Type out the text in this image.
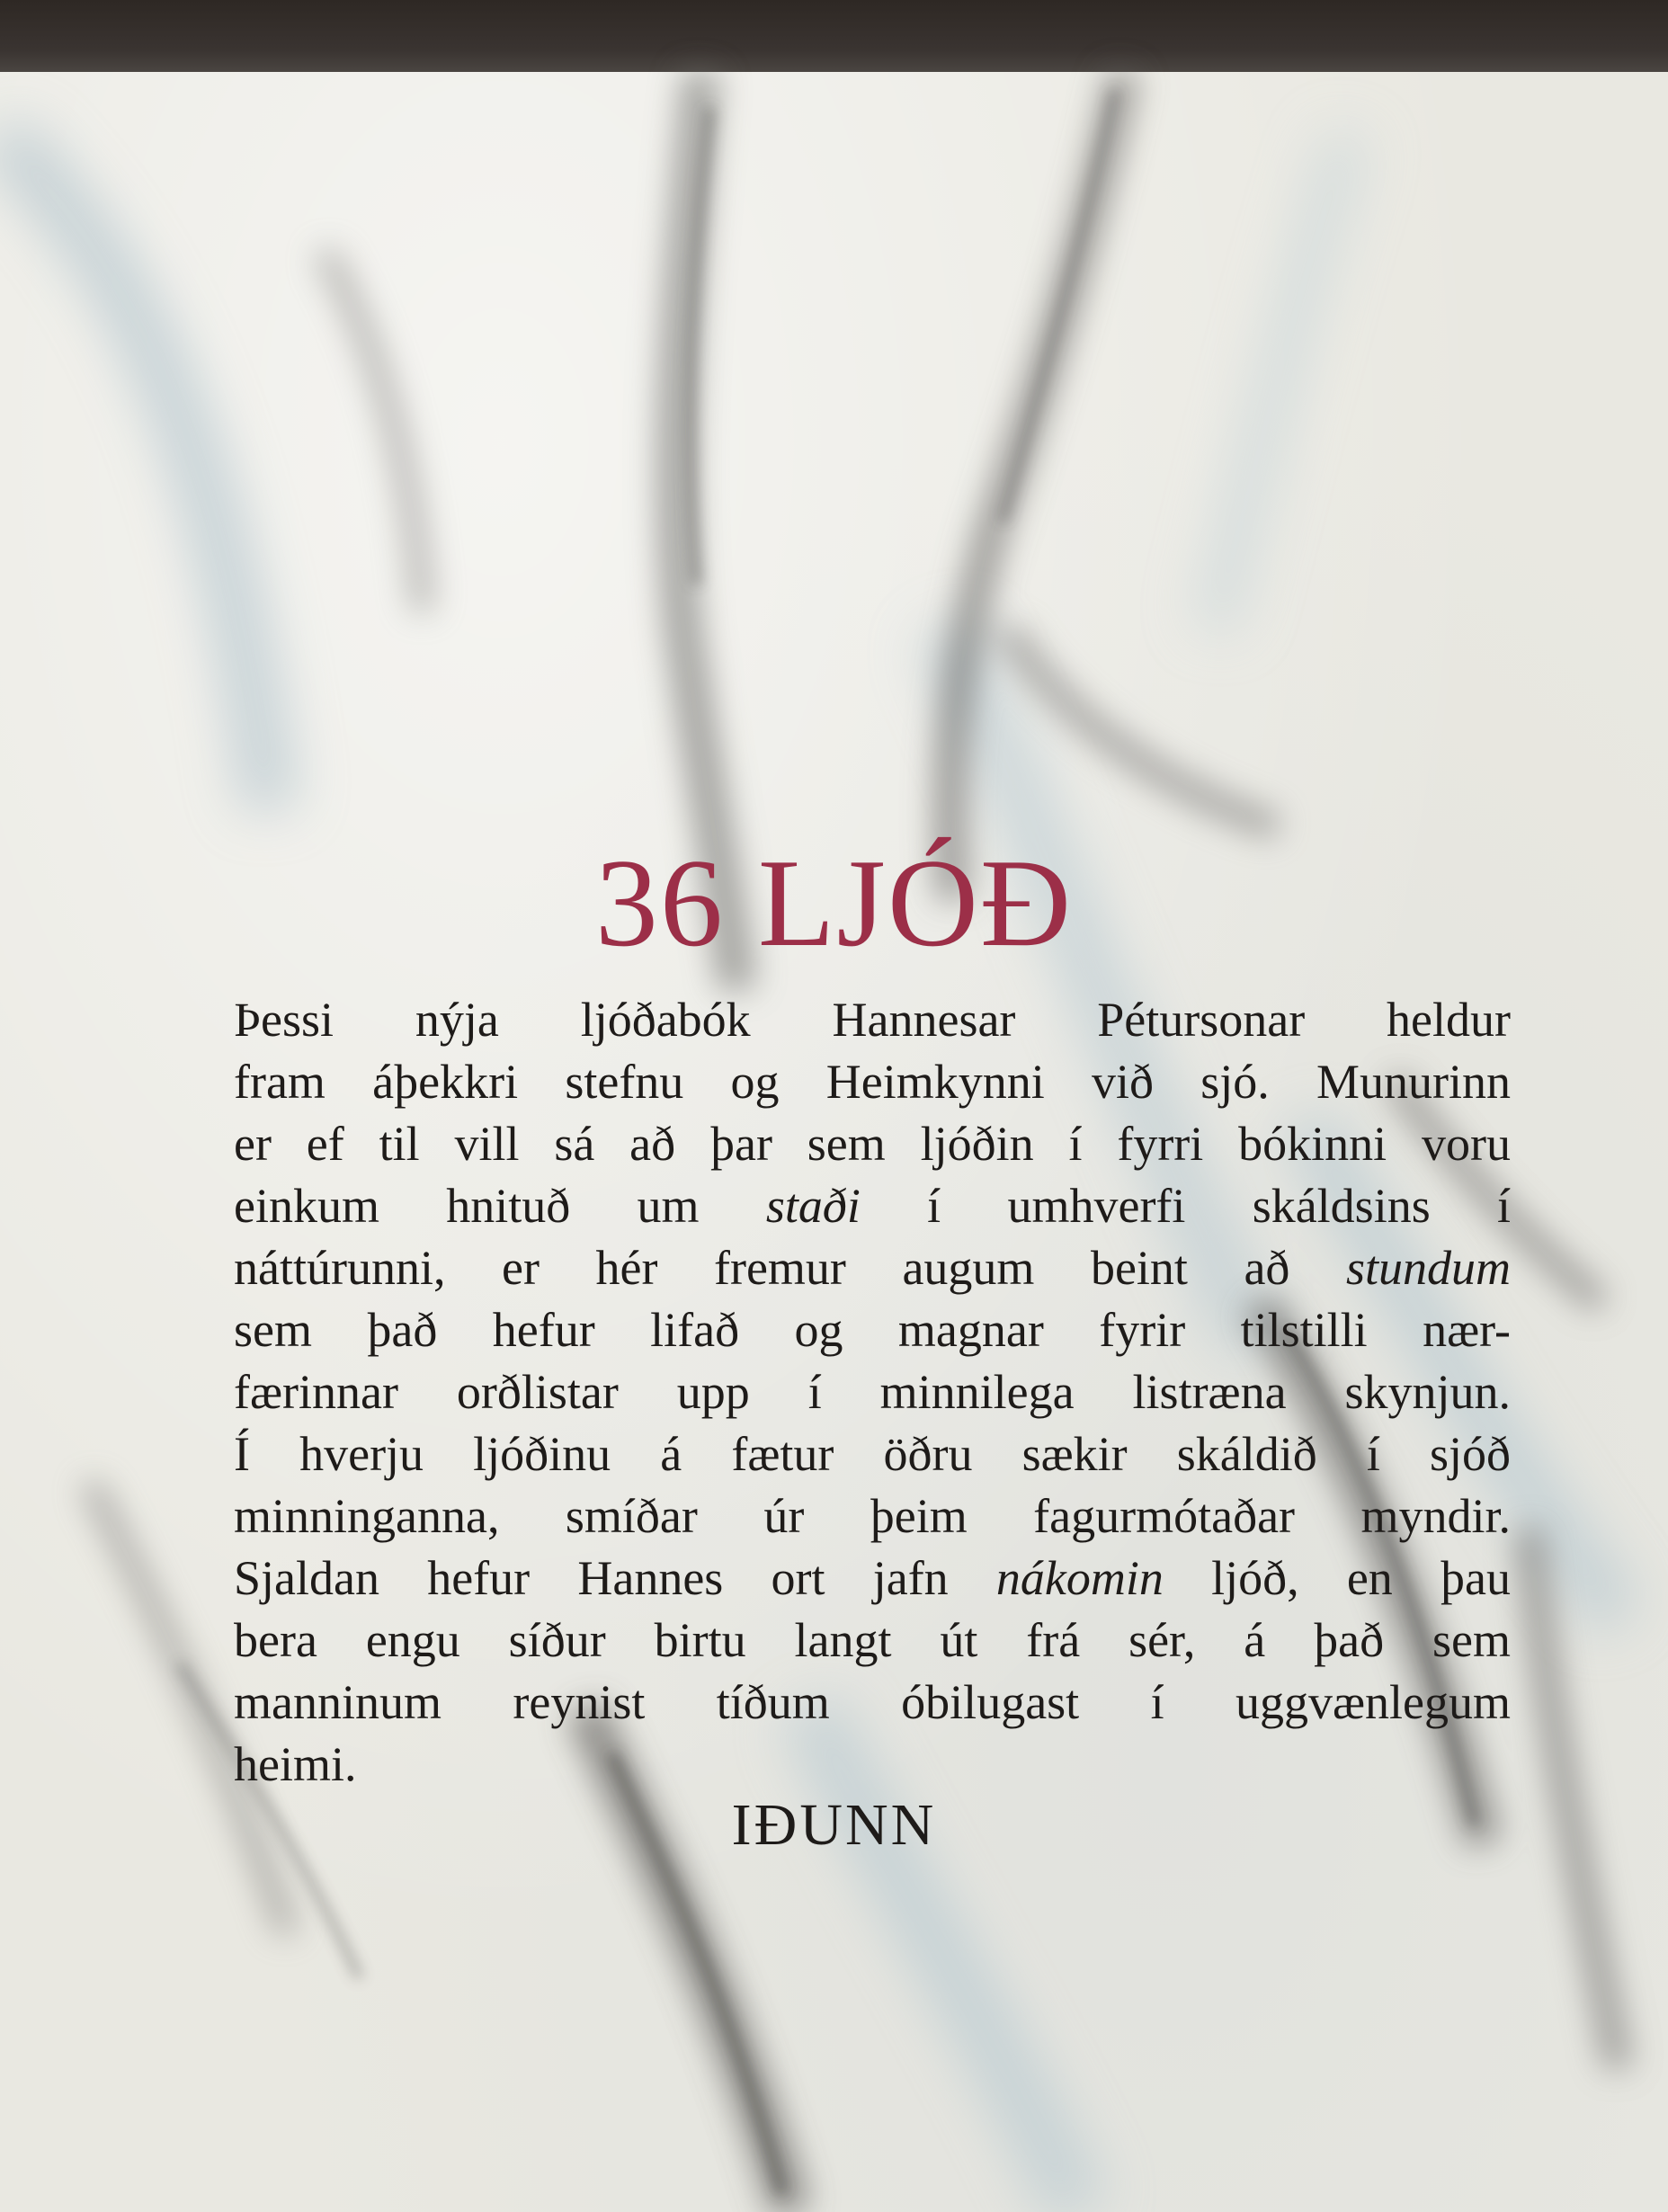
36 LJÓÐ

Þessi nýja ljóðabók Hannesar Pétursonar heldur
fram áþekkri stefnu og Heimkynni við sjó. Munurinn
er ef til vill sá að þar sem ljóðin í fyrri bókinni voru
einkum hnituð um staði í umhverfi skáldsins í
náttúrunni, er hér fremur augum beint að stundum
sem það hefur lifað og magnar fyrir tilstilli nær-
færinnar orðlistar upp í minnilega listræna skynjun.
Í hverju ljóðinu á fætur öðru sækir skáldið í sjóð
minninganna, smíðar úr þeim fagurmótaðar myndir.
Sjaldan hefur Hannes ort jafn nákomin ljóð, en þau
bera engu síður birtu langt út frá sér, á það sem
manninum reynist tíðum óbilugast í uggvænlegum
heimi.

IÐUNN
